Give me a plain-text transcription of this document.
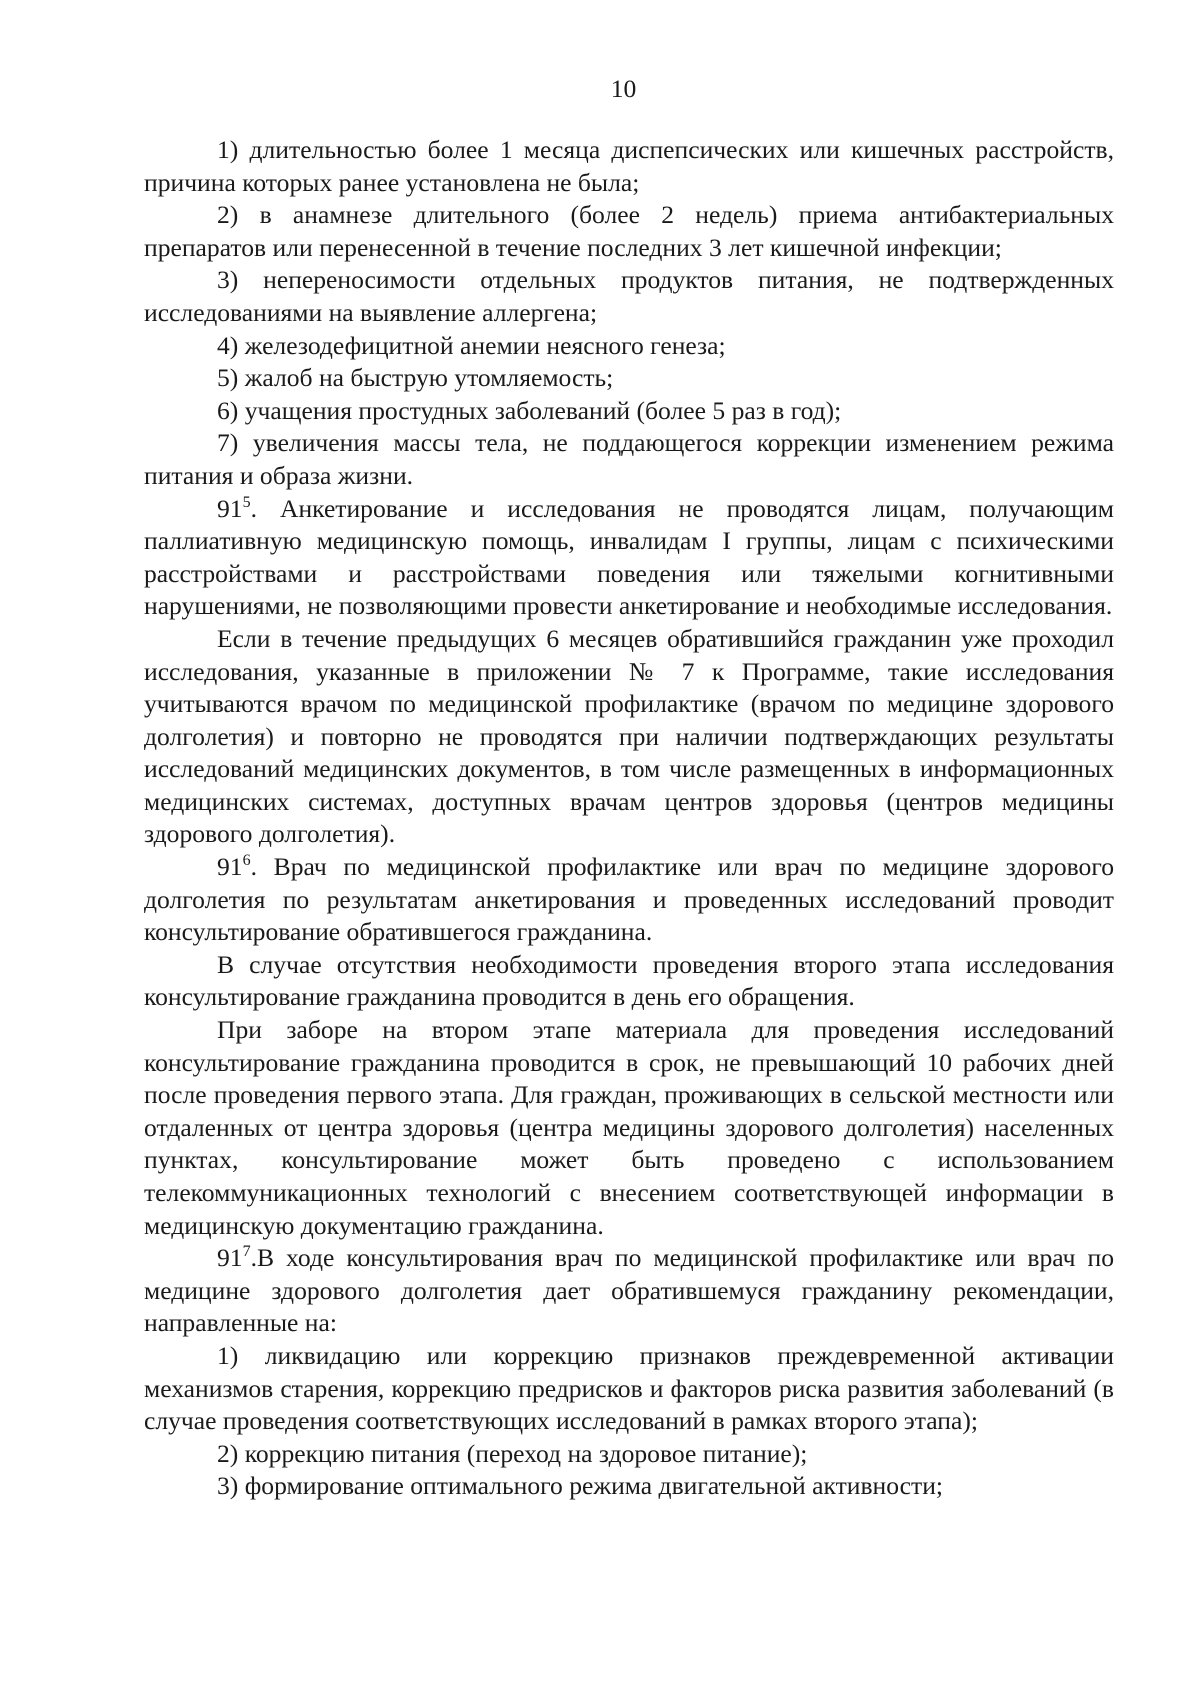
10

1) длительностью более 1 месяца диспепсических или кишечных расстройств, причина которых ранее установлена не была;

2) в анамнезе длительного (более 2 недель) приема антибактериальных препаратов или перенесенной в течение последних 3 лет кишечной инфекции;

3) непереносимости отдельных продуктов питания, не подтвержденных исследованиями на выявление аллергена;

4) железодефицитной анемии неясного генеза;

5) жалоб на быструю утомляемость;

6) учащения простудных заболеваний (более 5 раз в год);

7) увеличения массы тела, не поддающегося коррекции изменением режима питания и образа жизни.

$91^5$. Анкетирование и исследования не проводятся лицам, получающим паллиативную медицинскую помощь, инвалидам I группы, лицам с психическими расстройствами и расстройствами поведения или тяжелыми когнитивными нарушениями, не позволяющими провести анкетирование и необходимые исследования.

Если в течение предыдущих 6 месяцев обратившийся гражданин уже проходил исследования, указанные в приложении № 7 к Программе, такие исследования учитываются врачом по медицинской профилактике (врачом по медицине здорового долголетия) и повторно не проводятся при наличии подтверждающих результаты исследований медицинских документов, в том числе размещенных в информационных медицинских системах, доступных врачам центров здоровья (центров медицины здорового долголетия).

$91^6$. Врач по медицинской профилактике или врач по медицине здорового долголетия по результатам анкетирования и проведенных исследований проводит консультирование обратившегося гражданина.

В случае отсутствия необходимости проведения второго этапа исследования консультирование гражданина проводится в день его обращения.

При заборе на втором этапе материала для проведения исследований консультирование гражданина проводится в срок, не превышающий 10 рабочих дней после проведения первого этапа. Для граждан, проживающих в сельской местности или отдаленных от центра здоровья (центра медицины здорового долголетия) населенных пунктах, консультирование может быть проведено с использованием телекоммуникационных технологий с внесением соответствующей информации в медицинскую документацию гражданина.

$91^7.В$ ходе консультирования врач по медицинской профилактике или врач по медицине здорового долголетия дает обратившемуся гражданину рекомендации, направленные на:

1) ликвидацию или коррекцию признаков преждевременной активации механизмов старения, коррекцию предрисков и факторов риска развития заболеваний (в случае проведения соответствующих исследований в рамках второго этапа);

2) коррекцию питания (переход на здоровое питание);

3) формирование оптимального режима двигательной активности;
